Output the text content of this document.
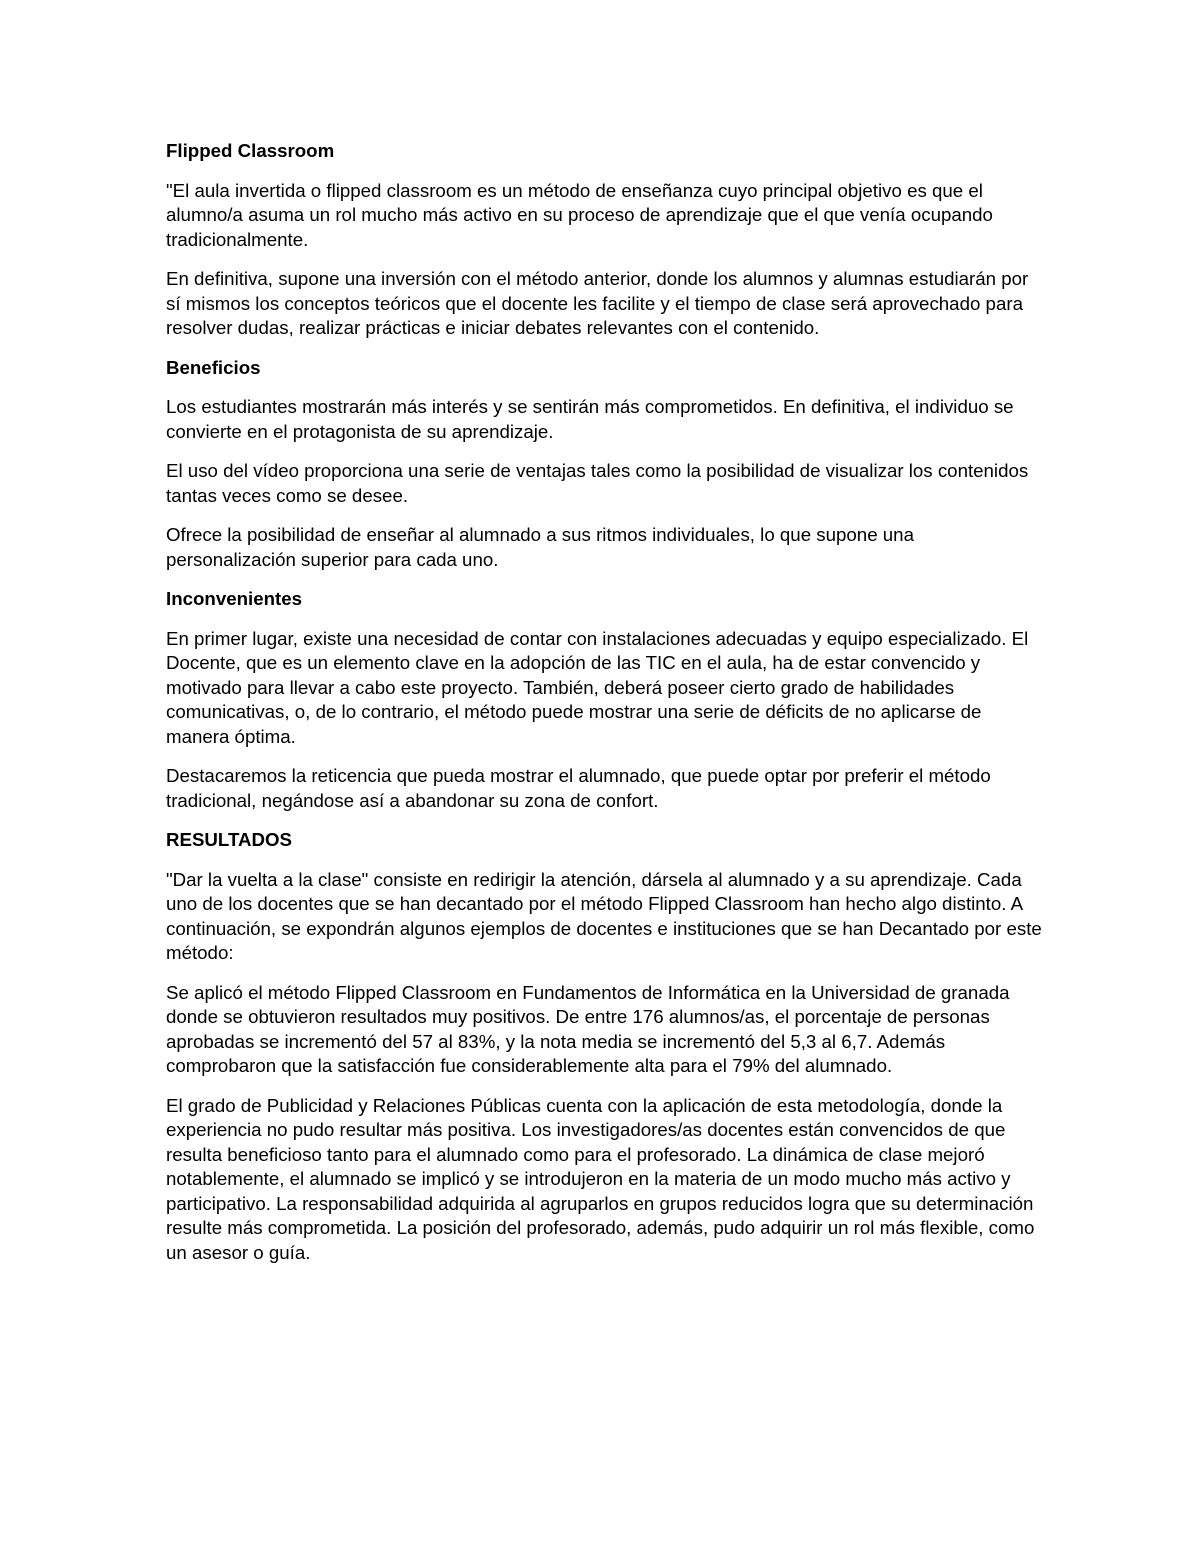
Flipped Classroom

"El aula invertida o flipped classroom es un método de enseñanza cuyo principal objetivo es que el alumno/a asuma un rol mucho más activo en su proceso de aprendizaje que el que venía ocupando tradicionalmente.

En definitiva, supone una inversión con el método anterior, donde los alumnos y alumnas estudiarán por sí mismos los conceptos teóricos que el docente les facilite y el tiempo de clase será aprovechado para resolver dudas, realizar prácticas e iniciar debates relevantes con el contenido.

Beneficios

Los estudiantes mostrarán más interés y se sentirán más comprometidos. En definitiva, el individuo se convierte en el protagonista de su aprendizaje.

El uso del vídeo proporciona una serie de ventajas tales como la posibilidad de visualizar los contenidos tantas veces como se desee.

Ofrece la posibilidad de enseñar al alumnado a sus ritmos individuales, lo que supone una personalización superior para cada uno.

Inconvenientes

En primer lugar, existe una necesidad de contar con instalaciones adecuadas y equipo especializado. El Docente, que es un elemento clave en la adopción de las TIC en el aula, ha de estar convencido y motivado para llevar a cabo este proyecto. También, deberá poseer cierto grado de habilidades comunicativas, o, de lo contrario, el método puede mostrar una serie de déficits de no aplicarse de manera óptima.

Destacaremos la reticencia que pueda mostrar el alumnado, que puede optar por preferir el método tradicional, negándose así a abandonar su zona de confort.

RESULTADOS

"Dar la vuelta a la clase" consiste en redirigir la atención, dársela al alumnado y a su aprendizaje. Cada uno de los docentes que se han decantado por el método Flipped Classroom han hecho algo distinto. A continuación, se expondrán algunos ejemplos de docentes e instituciones que se han Decantado por este método:

Se aplicó el método Flipped Classroom en Fundamentos de Informática en la Universidad de granada donde se obtuvieron resultados muy positivos. De entre 176 alumnos/as, el porcentaje de personas aprobadas se incrementó del 57 al 83%, y la nota media se incrementó del 5,3 al 6,7. Además comprobaron que la satisfacción fue considerablemente alta para el 79% del alumnado.

El grado de Publicidad y Relaciones Públicas cuenta con la aplicación de esta metodología, donde la experiencia no pudo resultar más positiva. Los investigadores/as docentes están convencidos de que resulta beneficioso tanto para el alumnado como para el profesorado. La dinámica de clase mejoró notablemente, el alumnado se implicó y se introdujeron en la materia de un modo mucho más activo y participativo. La responsabilidad adquirida al agruparlos en grupos reducidos logra que su determinación resulte más comprometida. La posición del profesorado, además, pudo adquirir un rol más flexible, como un asesor o guía.
